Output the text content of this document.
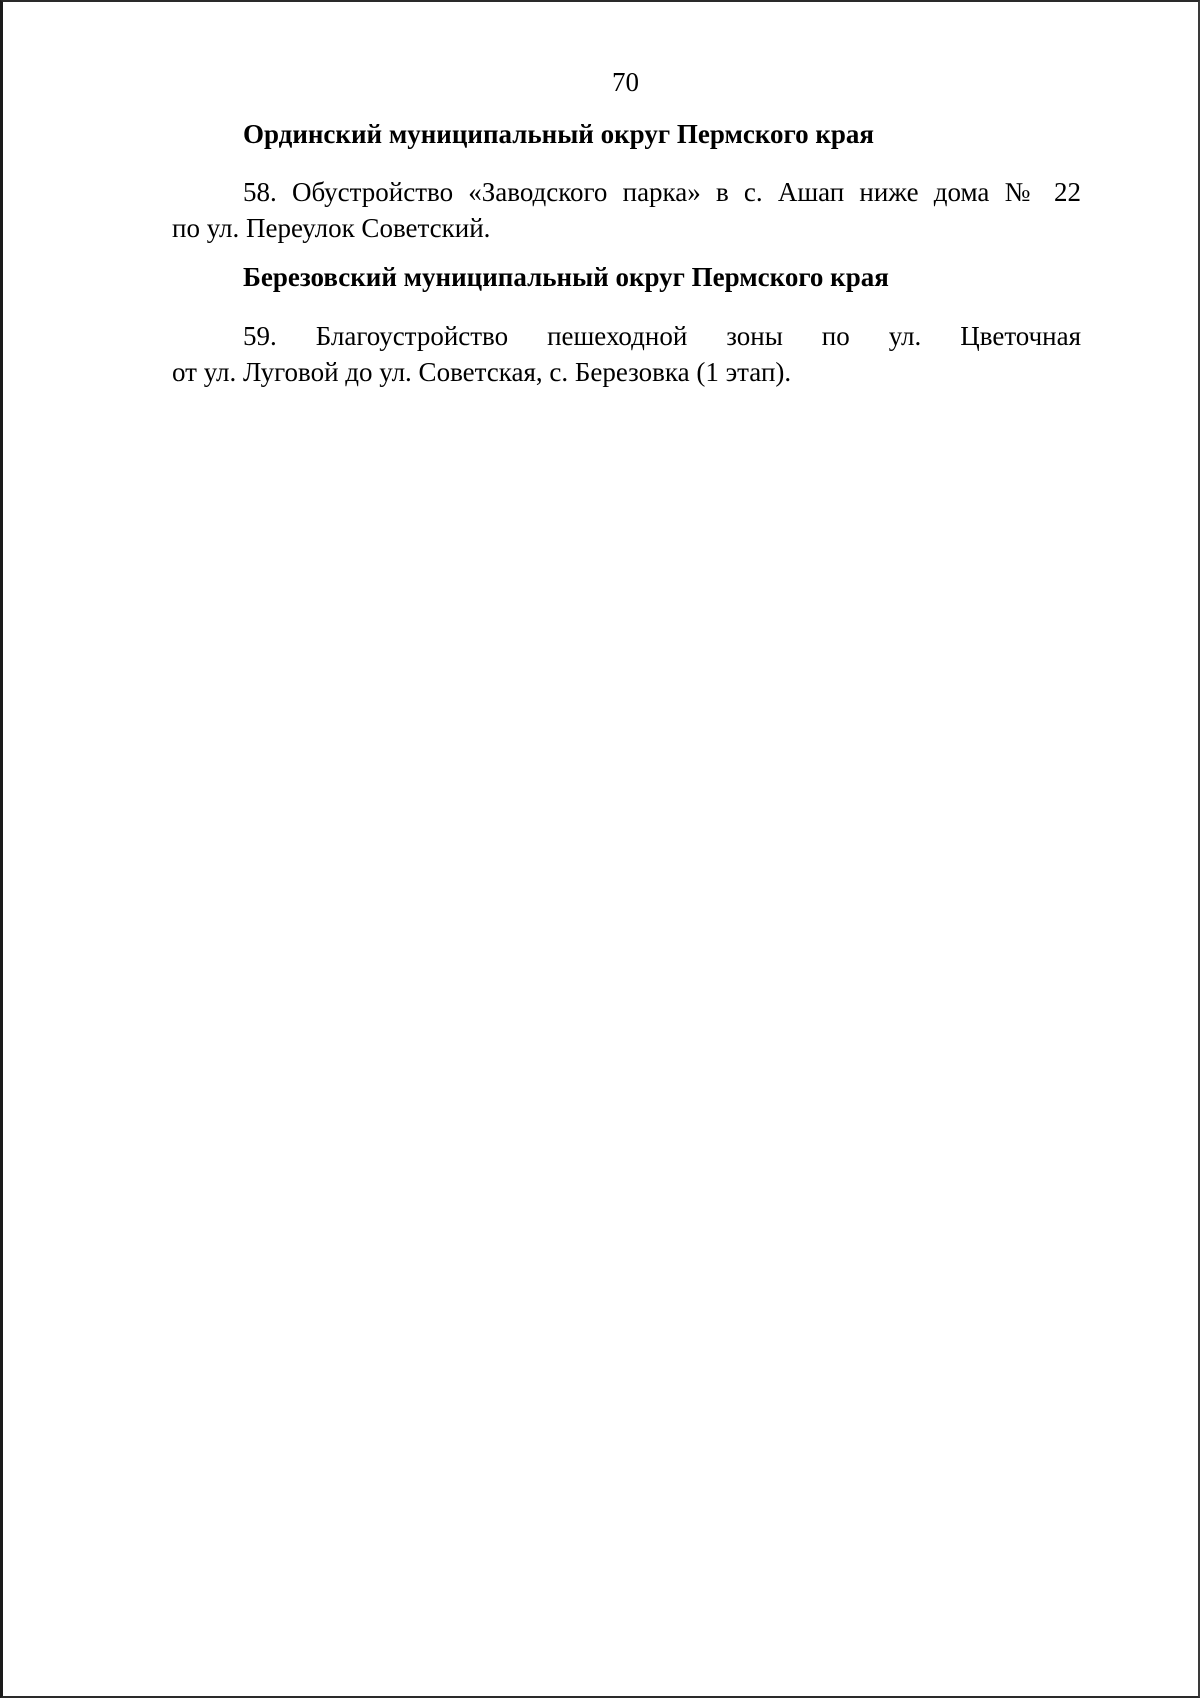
70
Ординский муниципальный округ Пермского края
58. Обустройство «Заводского парка» в с. Ашап ниже дома № 22
по ул. Переулок Советский.
Березовский муниципальный округ Пермского края
59. Благоустройство пешеходной зоны по ул. Цветочная
от ул. Луговой до ул. Советская, с. Березовка (1 этап).
